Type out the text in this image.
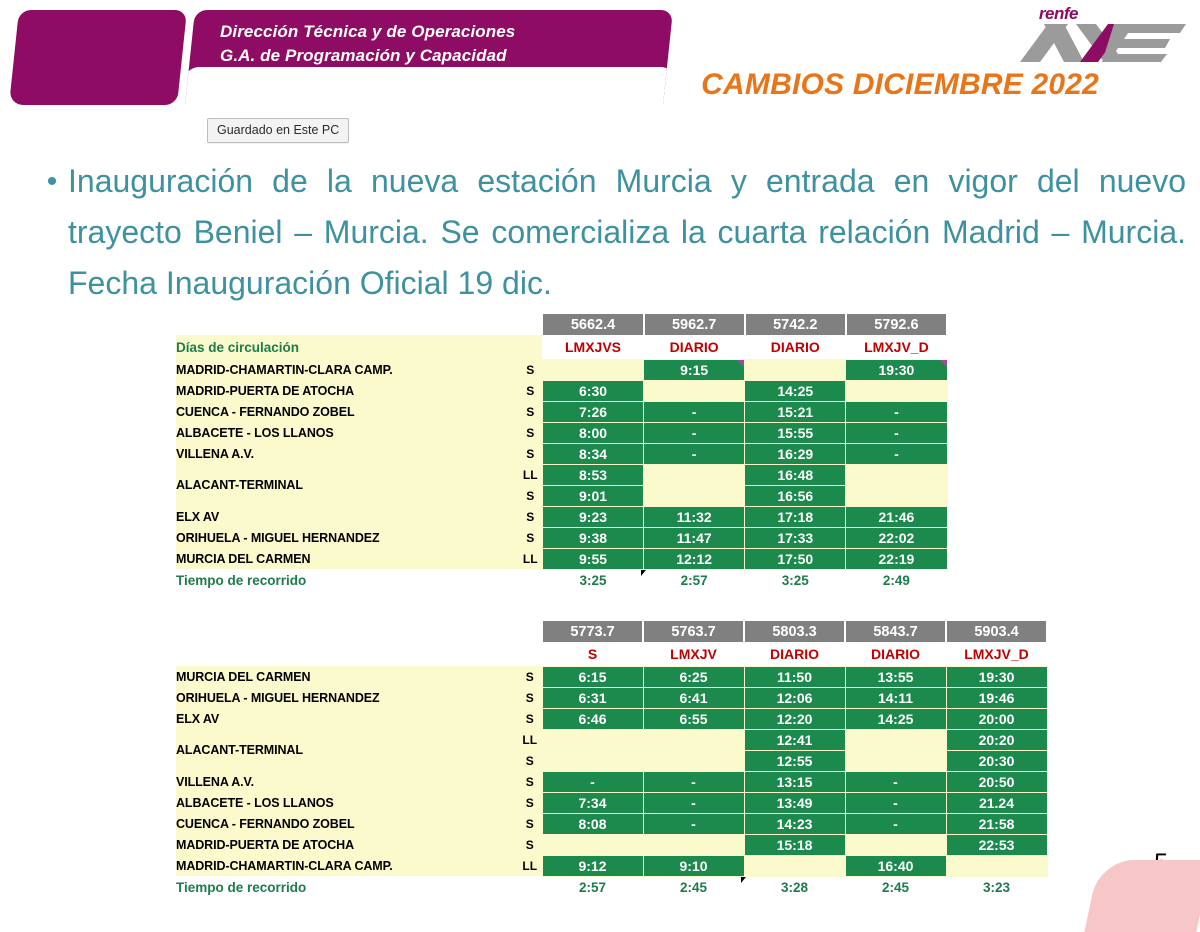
Dirección Técnica y de Operaciones
G.A. de Programación y Capacidad
Guardado en Este PC
renfe
CAMBIOS DICIEMBRE 2022
• Inauguración de la nueva estación Murcia y entrada en vigor del nuevo trayecto Beniel – Murcia. Se comercializa la cuarta relación Madrid – Murcia. Fecha Inauguración Oficial 19 dic.
		5662.4	5962.7	5742.2	5792.6
Días de circulación		LMXJVS	DIARIO	DIARIO	LMXJV_D
MADRID-CHAMARTIN-CLARA CAMP.	S		9:15		19:30
MADRID-PUERTA DE ATOCHA	S	6:30		14:25	
CUENCA - FERNANDO ZOBEL	S	7:26	-	15:21	-
ALBACETE - LOS LLANOS	S	8:00	-	15:55	-
VILLENA A.V.	S	8:34	-	16:29	-
ALACANT-TERMINAL	LL	8:53		16:48	
	S	9:01		16:56	
ELX AV	S	9:23	11:32	17:18	21:46
ORIHUELA - MIGUEL HERNANDEZ	S	9:38	11:47	17:33	22:02
MURCIA DEL CARMEN	LL	9:55	12:12	17:50	22:19
Tiempo de recorrido		3:25	2:57	3:25	2:49
		5773.7	5763.7	5803.3	5843.7	5903.4
		S	LMXJV	DIARIO	DIARIO	LMXJV_D
MURCIA DEL CARMEN	S	6:15	6:25	11:50	13:55	19:30
ORIHUELA - MIGUEL HERNANDEZ	S	6:31	6:41	12:06	14:11	19:46
ELX AV	S	6:46	6:55	12:20	14:25	20:00
ALACANT-TERMINAL	LL			12:41		20:20
	S			12:55		20:30
VILLENA A.V.	S	-	-	13:15	-	20:50
ALBACETE - LOS LLANOS	S	7:34	-	13:49	-	21.24
CUENCA - FERNANDO ZOBEL	S	8:08	-	14:23	-	21:58
MADRID-PUERTA DE ATOCHA	S			15:18		22:53
MADRID-CHAMARTIN-CLARA CAMP.	LL	9:12	9:10		16:40	
Tiempo de recorrido		2:57	2:45	3:28	2:45	3:23
